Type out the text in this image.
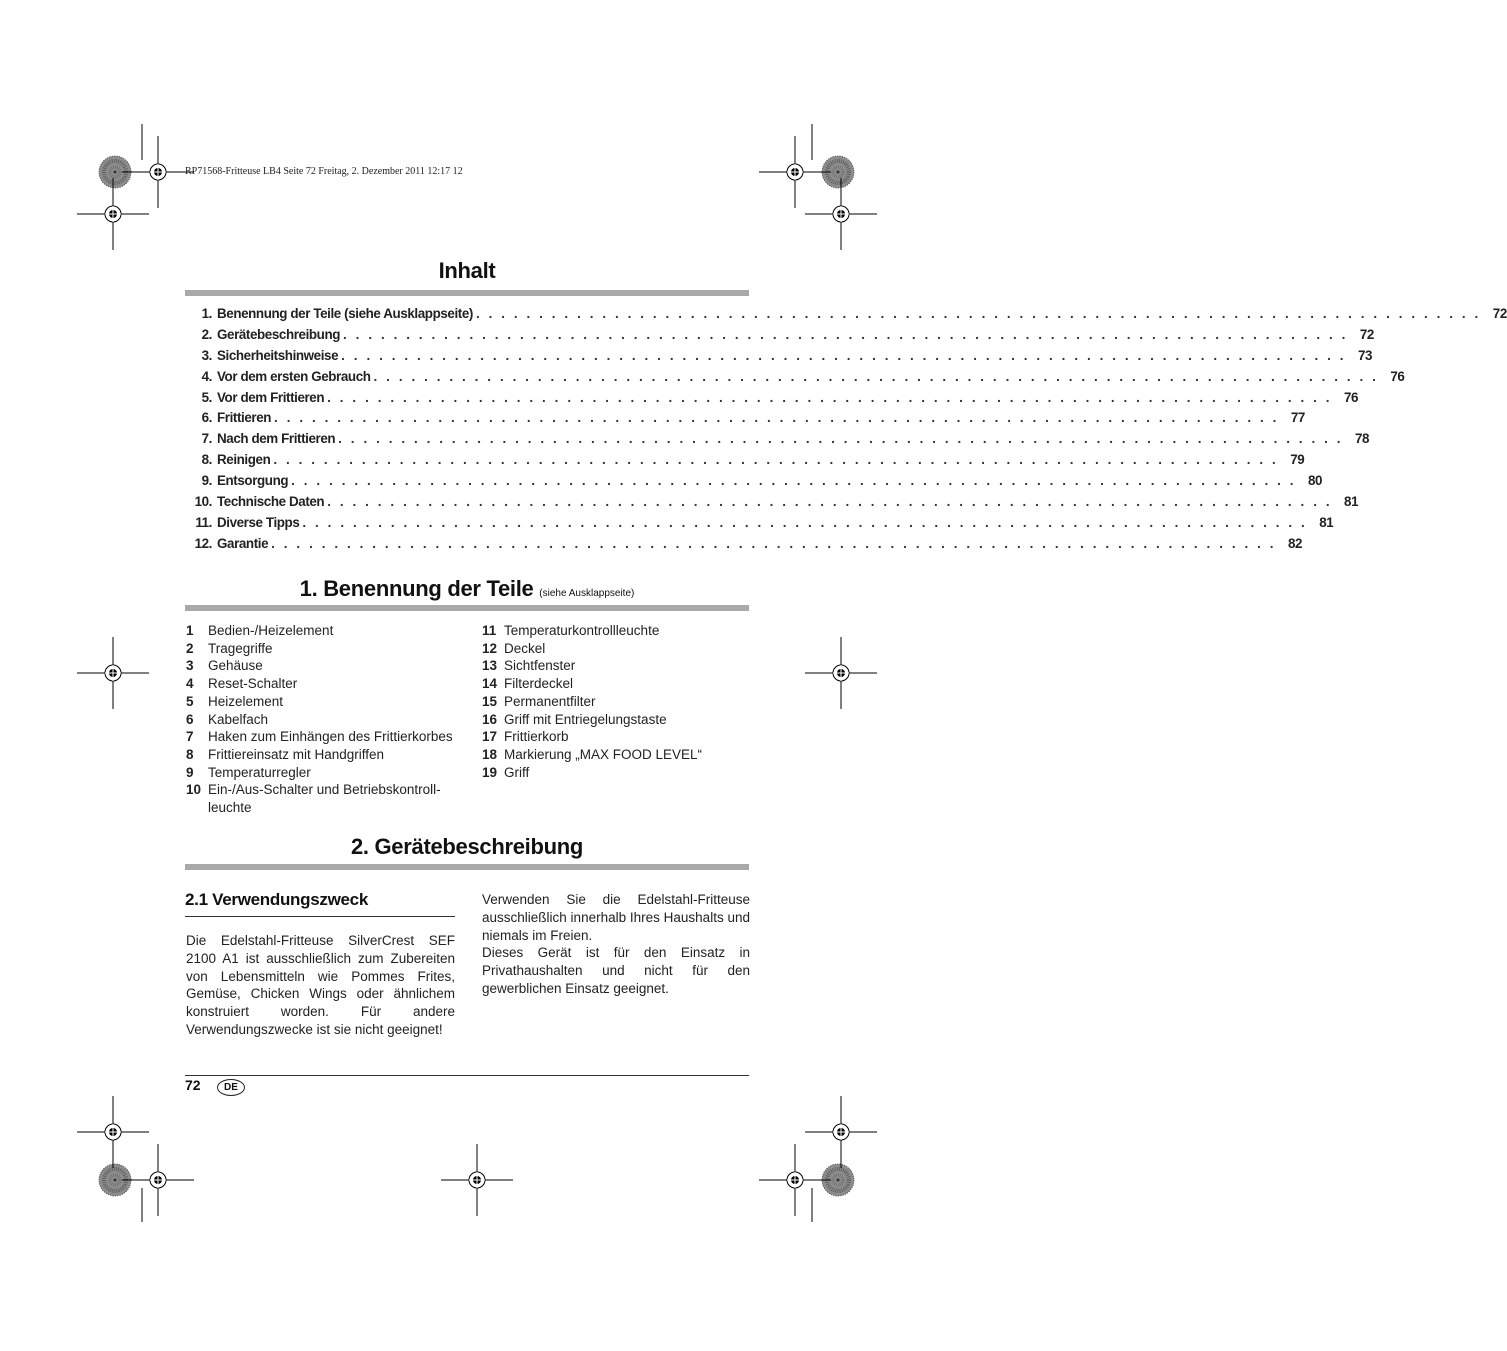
RP71568-Fritteuse LB4 Seite 72 Freitag, 2. Dezember 2011 12:17 12
Inhalt
1. Benennung der Teile (siehe Ausklappseite) . . . . . . . . . . . . . . . . . . . . . . . . . . . . . . . . . . . . . . . . . . . . . . . . . . . . . . . . . . . . . . . . . . . . . . . . . . . . . . . . 72
2. Gerätebeschreibung . . . . . . . . . . . . . . . . . . . . . . . . . . . . . . . . . . . . . . . . . . . . . . . . . . . . . . . . . . . . . . . . . . . . . . . . . . . . . . . . 72
3. Sicherheitshinweise . . . . . . . . . . . . . . . . . . . . . . . . . . . . . . . . . . . . . . . . . . . . . . . . . . . . . . . . . . . . . . . . . . . . . . . . . . . . . . . . 73
4. Vor dem ersten Gebrauch . . . . . . . . . . . . . . . . . . . . . . . . . . . . . . . . . . . . . . . . . . . . . . . . . . . . . . . . . . . . . . . . . . . . . . . . . . . . . . . . 76
5. Vor dem Frittieren . . . . . . . . . . . . . . . . . . . . . . . . . . . . . . . . . . . . . . . . . . . . . . . . . . . . . . . . . . . . . . . . . . . . . . . . . . . . . . . . 76
6. Frittieren . . . . . . . . . . . . . . . . . . . . . . . . . . . . . . . . . . . . . . . . . . . . . . . . . . . . . . . . . . . . . . . . . . . . . . . . . . . . . . . . 77
7. Nach dem Frittieren . . . . . . . . . . . . . . . . . . . . . . . . . . . . . . . . . . . . . . . . . . . . . . . . . . . . . . . . . . . . . . . . . . . . . . . . . . . . . . . . 78
8. Reinigen . . . . . . . . . . . . . . . . . . . . . . . . . . . . . . . . . . . . . . . . . . . . . . . . . . . . . . . . . . . . . . . . . . . . . . . . . . . . . . . . 79
9. Entsorgung . . . . . . . . . . . . . . . . . . . . . . . . . . . . . . . . . . . . . . . . . . . . . . . . . . . . . . . . . . . . . . . . . . . . . . . . . . . . . . . . 80
10. Technische Daten . . . . . . . . . . . . . . . . . . . . . . . . . . . . . . . . . . . . . . . . . . . . . . . . . . . . . . . . . . . . . . . . . . . . . . . . . . . . . . . . 81
11. Diverse Tipps . . . . . . . . . . . . . . . . . . . . . . . . . . . . . . . . . . . . . . . . . . . . . . . . . . . . . . . . . . . . . . . . . . . . . . . . . . . . . . . . 81
12. Garantie . . . . . . . . . . . . . . . . . . . . . . . . . . . . . . . . . . . . . . . . . . . . . . . . . . . . . . . . . . . . . . . . . . . . . . . . . . . . . . . . 82
1. Benennung der Teile (siehe Ausklappseite)
1	Bedien-/Heizelement
2	Tragegriffe
3	Gehäuse
4	Reset-Schalter
5	Heizelement
6	Kabelfach
7	Haken zum Einhängen des Frittierkorbes
8	Frittiereinsatz mit Handgriffen
9	Temperaturregler
10 Ein-/Aus-Schalter und Betriebskontroll-leuchte
11 Temperaturkontrollleuchte
12 Deckel
13 Sichtfenster
14 Filterdeckel
15 Permanentfilter
16 Griff mit Entriegelungstaste
17 Frittierkorb
18 Markierung „MAX FOOD LEVEL“
19 Griff
2. Gerätebeschreibung
2.1 Verwendungszweck

Die Edelstahl-Fritteuse SilverCrest SEF 2100 A1 ist ausschließlich zum Zubereiten von Lebensmitteln wie Pommes Frites, Gemüse, Chicken Wings oder ähnlichem konstruiert worden. Für andere Verwendungszwecke ist sie nicht geeignet!

Verwenden Sie die Edelstahl-Fritteuse ausschließlich innerhalb Ihres Haushalts und niemals im Freien.

Dieses Gerät ist für den Einsatz in Privathaushalten und nicht für den gewerblichen Einsatz geeignet.

72	DE
